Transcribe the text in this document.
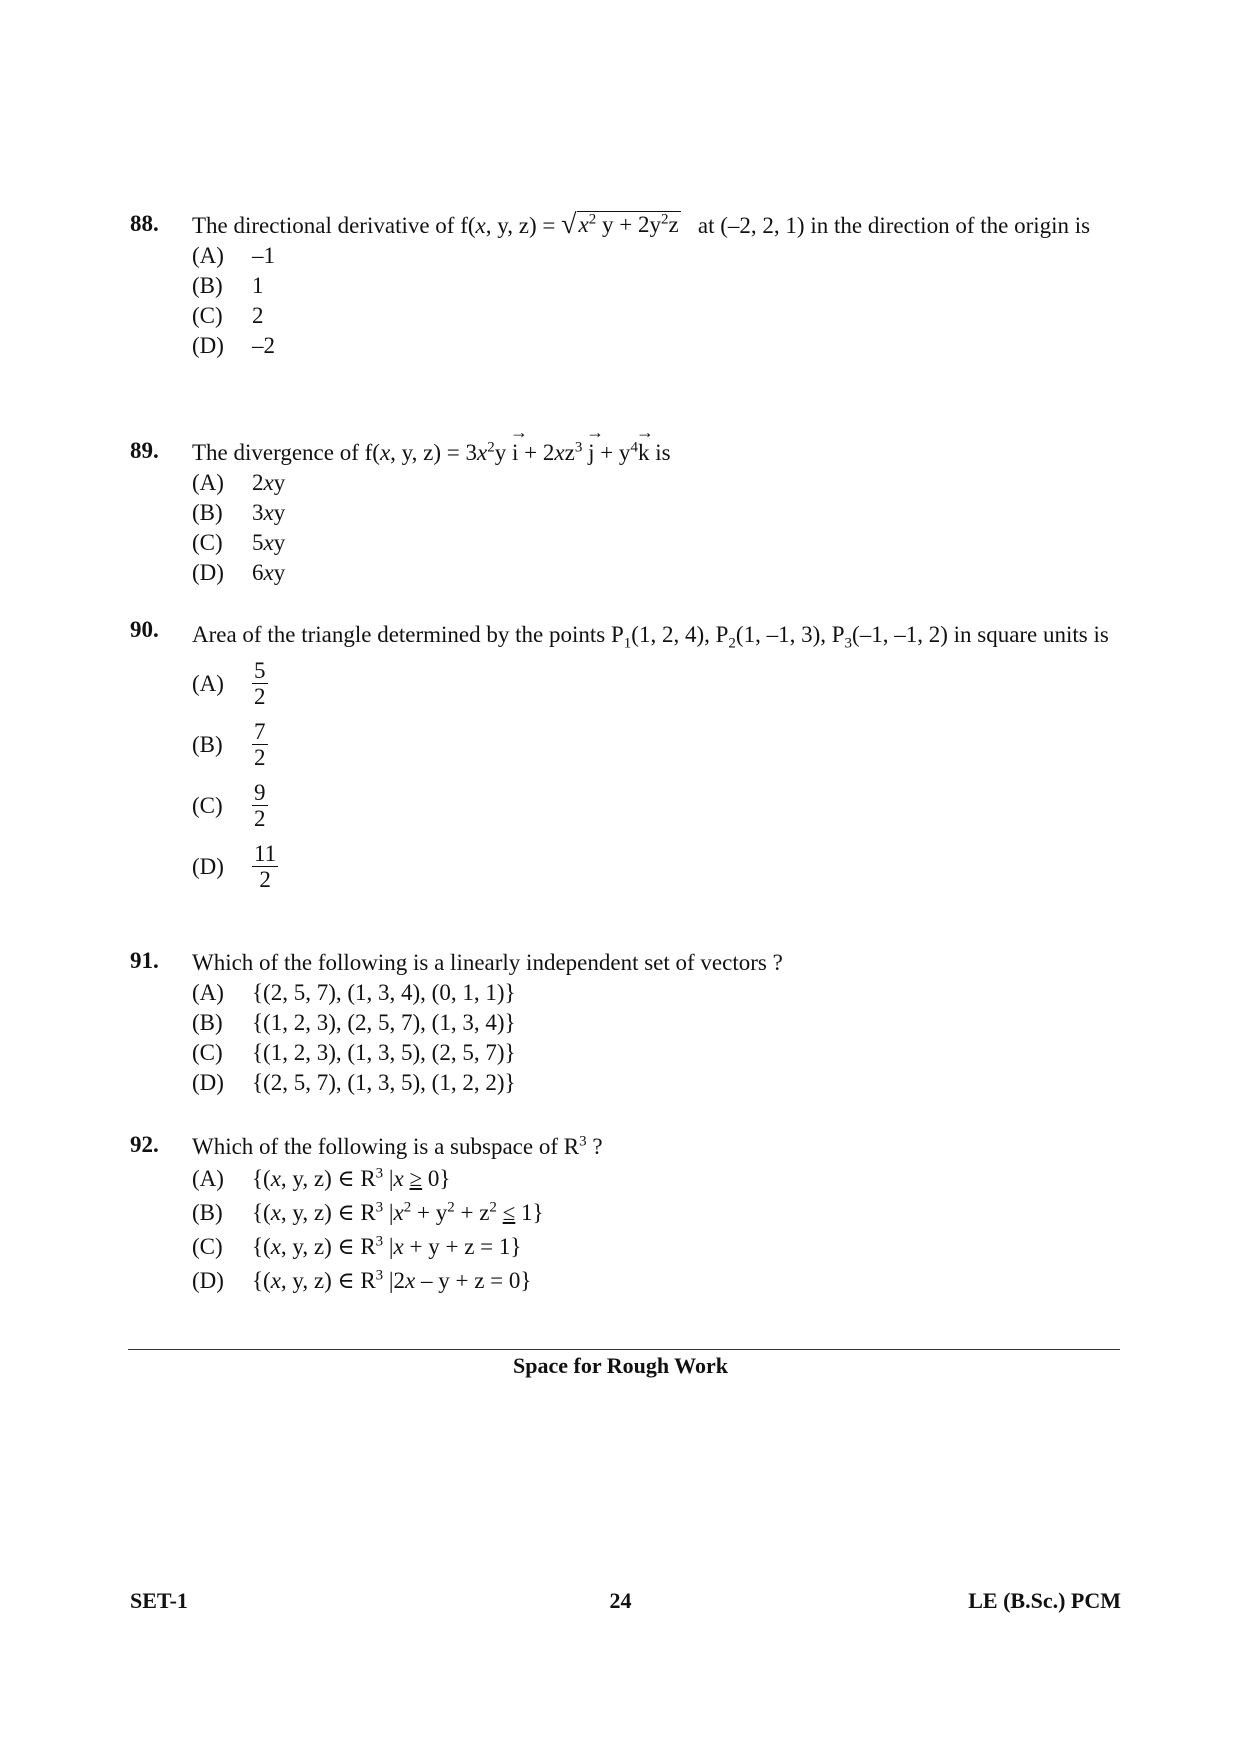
88. The directional derivative of f(x, y, z) = √ $x^2$ $y + 2y^2z$ at (–2, 2, 1) in the direction of the origin is
(A) –1
(B) 1
(C) 2
(D) –2
89. The divergence of f(x, y, $z) = 3x^2y$ i
→
+ $2xz^3$ j
→
+ $y^4k$
→
is
(A) 2xy
(B) 3xy
(C) 5xy
(D) 6xy
90. Area of the triangle determined by the points $P_1(1$, 2, 4), $P_2(1$, –1, 3), $P_3(-1$, –1, 2) in square units is
(A)	$\frac{5}{2}$
(B)	$\frac{7}{2}$
(C)	$\frac{9}{2}$
(D)	$\frac{11}{2}$
91. Which of the following is a linearly independent set of vectors ?
(A) {(2, 5, 7), (1, 3, 4), (0, 1, 1)}
(B) {(1, 2, 3), (2, 5, 7), (1, 3, 4)}
(C) {(1, 2, 3), (1, 3, 5), (2, 5, 7)}
(D) {(2, 5, 7), (1, 3, 5), (1, 2, 2)}
92. Which of the following is a subspace of $R^3$ ?
(A) {(x, y, z) ∈ $R^3$ |x ≥ 0}
(B) {(x, y, z) ∈ $R^3$ $|x^2 + y^2 + z^2 \le 1$}
(C) {(x, y, z) ∈ $R^3$ |x + y + z = 1}
(D) {(x, y, z) ∈ $R^3$ |2x – y + z = 0}
Space for Rough Work
SET-1	24	LE (B.Sc.) PCM
